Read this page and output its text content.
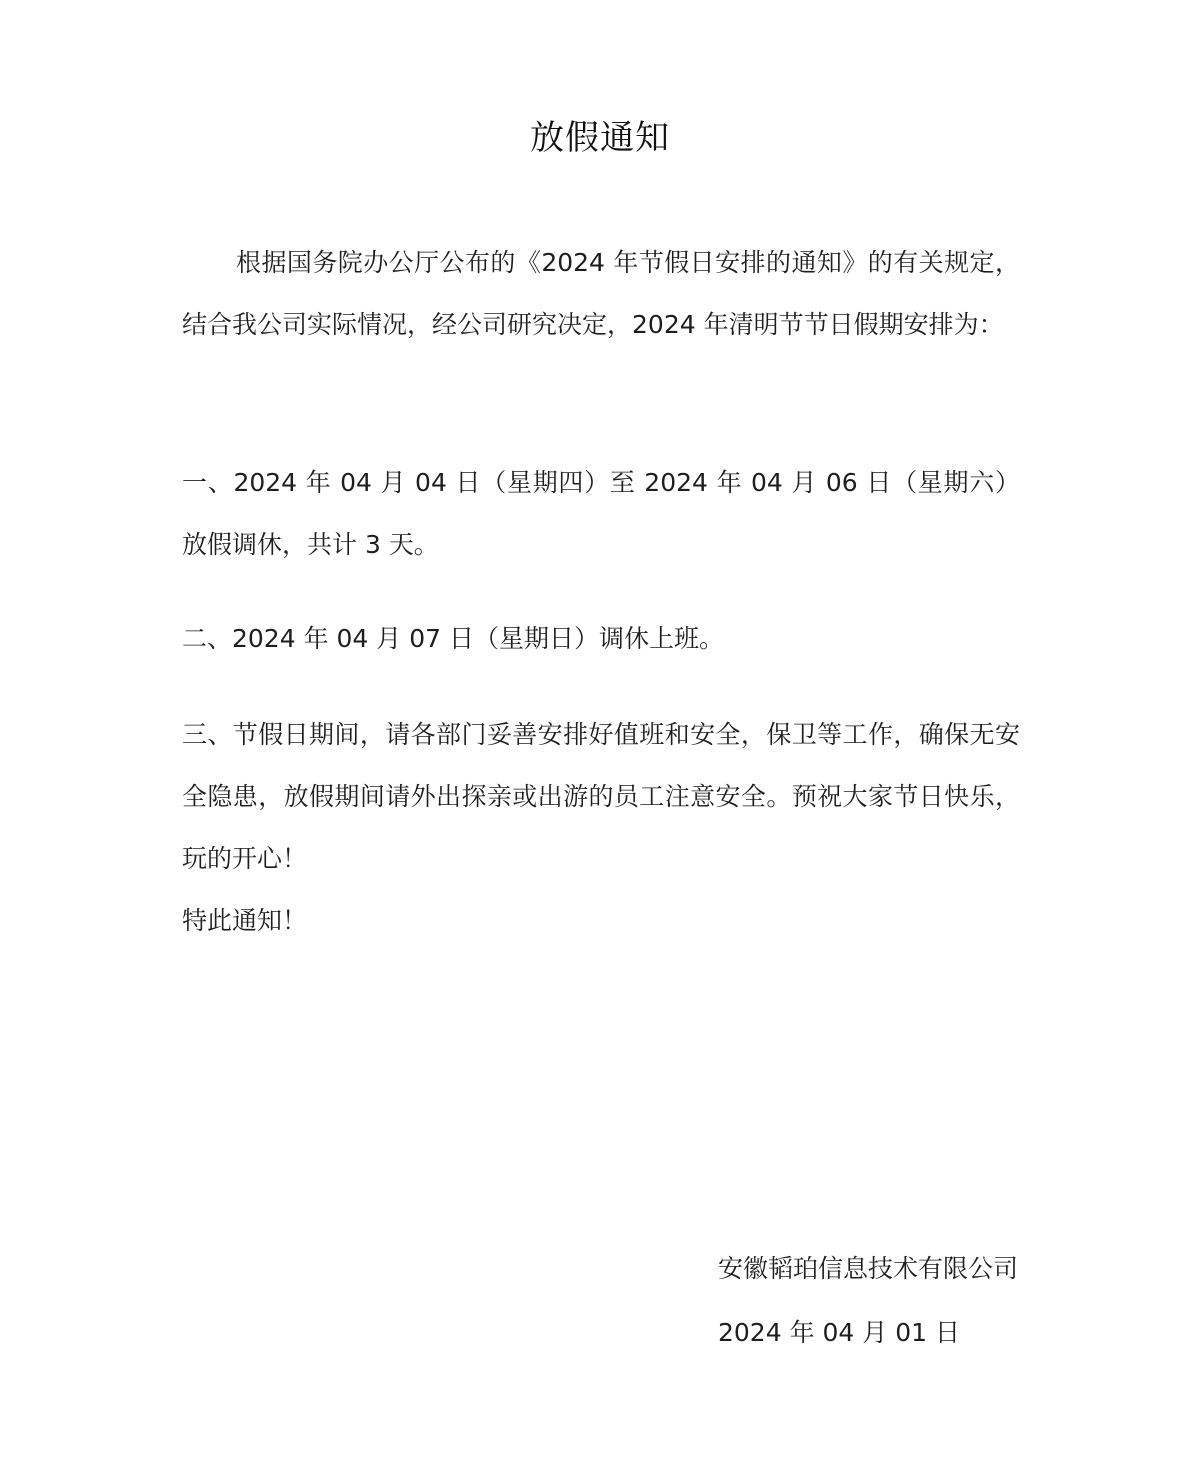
放假通知

根据国务院办公厅公布的《2024 年节假日安排的通知》的有关规定，结合我公司实际情况，经公司研究决定，2024 年清明节节日假期安排为：

一、2024 年 04 月 04 日（星期四）至 2024 年 04 月 06 日（星期六）放假调休，共计 3 天。

二、2024 年 04 月 07 日（星期日）调休上班。

三、节假日期间，请各部门妥善安排好值班和安全，保卫等工作，确保无安全隐患，放假期间请外出探亲或出游的员工注意安全。预祝大家节日快乐，玩的开心！

特此通知！

安徽韬珀信息技术有限公司
2024 年 04 月 01 日
